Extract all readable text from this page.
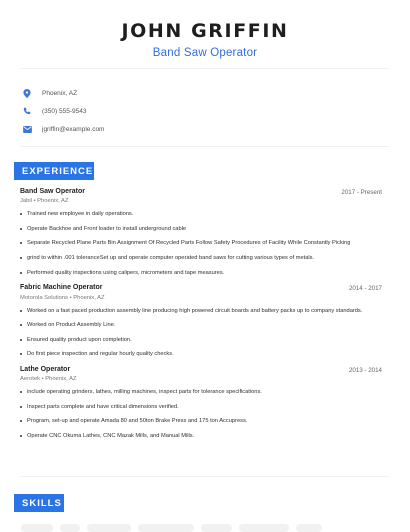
JOHN GRIFFIN
Band Saw Operator
Phoenix, AZ
(350) 555-9543
jgriffin@example.com
EXPERIENCE
Band Saw Operator	2017 - Present
Jabil • Phoenix, AZ
Trained new employee in daily operations.
Operate Backhoe and Front loader to install underground cable
Separate Recycled Plane Parts Bin Assignment Of Recycled Parts Follow Safety Procedures of Facility While Constantly Picking
grind to within .001 toleranceSet up and operate computer operated band saws for cutting various types of metals.
Performed quality inspections using calipers, micrometers and tape measures.
Fabric Machine Operator	2014 - 2017
Motorola Solutions • Phoenix, AZ
Worked on a fast paced production assembly line producing high powered circuit boards and battery packs up to company standards.
Worked on Product Assembly Line.
Ensured quality product upon completion.
Do first piece inspection and regular hourly quality checks.
Lathe Operator	2013 - 2014
Aerotek • Phoenix, AZ
include operating grinders, lathes, milling machines, inspect parts for tolerance specifications.
Inspect parts complete and have critical dimensions verified.
Program, set-up and operate Amada 80 and 50ton Brake Press and 175 ton Accupress.
Operate CNC Okuma Lathes, CNC Mazak Mills, and Manual Mills.
SKILLS
